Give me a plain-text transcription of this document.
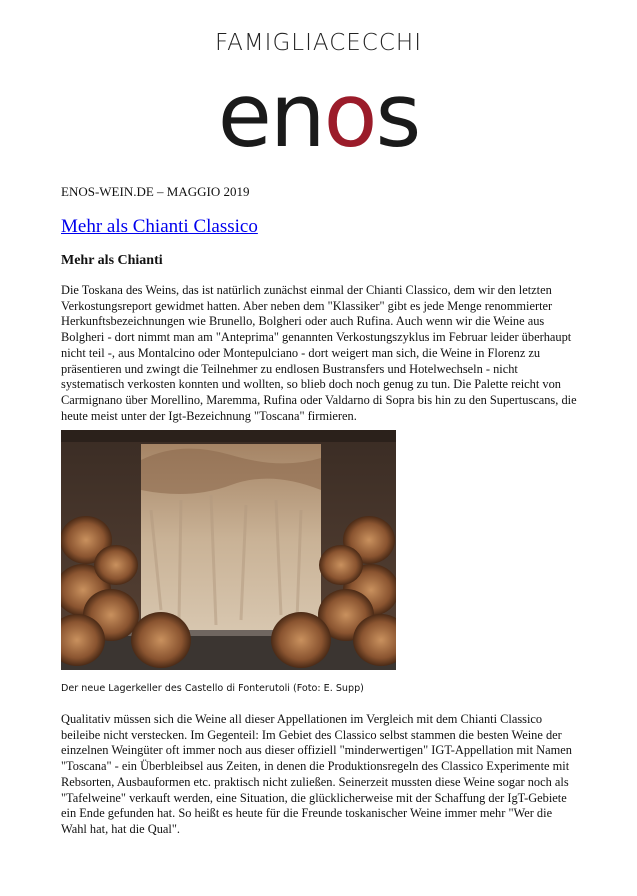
FAMIGLIACECCHI
enos
ENOS-WEIN.DE – MAGGIO 2019
Mehr als Chianti Classico
Mehr als Chianti

Die Toskana des Weins, das ist natürlich zunächst einmal der Chianti Classico, dem wir den letzten Verkostungsreport gewidmet hatten. Aber neben dem "Klassiker" gibt es jede Menge renommierter Herkunftsbezeichnungen wie Brunello, Bolgheri oder auch Rufina. Auch wenn wir die Weine aus Bolgheri - dort nimmt man am "Anteprima" genannten Verkostungszyklus im Februar leider überhaupt nicht teil -, aus Montalcino oder Montepulciano - dort weigert man sich, die Weine in Florenz zu präsentieren und zwingt die Teilnehmer zu endlosen Bustransfers und Hotelwechseln - nicht systematisch verkosten konnten und wollten, so blieb doch noch genug zu tun. Die Palette reicht von Carmignano über Morellino, Maremma, Rufina oder Valdarno di Sopra bis hin zu den Supertuscans, die heute meist unter der Igt-Bezeichnung "Toscana" firmieren.

Der neue Lagerkeller des Castello di Fonterutoli (Foto: E. Supp)

Qualitativ müssen sich die Weine all dieser Appellationen im Vergleich mit dem Chianti Classico beileibe nicht verstecken. Im Gegenteil: Im Gebiet des Classico selbst stammen die besten Weine der einzelnen Weingüter oft immer noch aus dieser offiziell "minderwertigen" IGT-Appellation mit Namen "Toscana" - ein Überbleibsel aus Zeiten, in denen die Produktionsregeln des Classico Experimente mit Rebsorten, Ausbauformen etc. praktisch nicht zuließen. Seinerzeit mussten diese Weine sogar noch als "Tafelweine" verkauft werden, eine Situation, die glücklicherweise mit der Schaffung der IgT-Gebiete ein Ende gefunden hat. So heißt es heute für die Freunde toskanischer Weine immer mehr "Wer die Wahl hat, hat die Qual".
